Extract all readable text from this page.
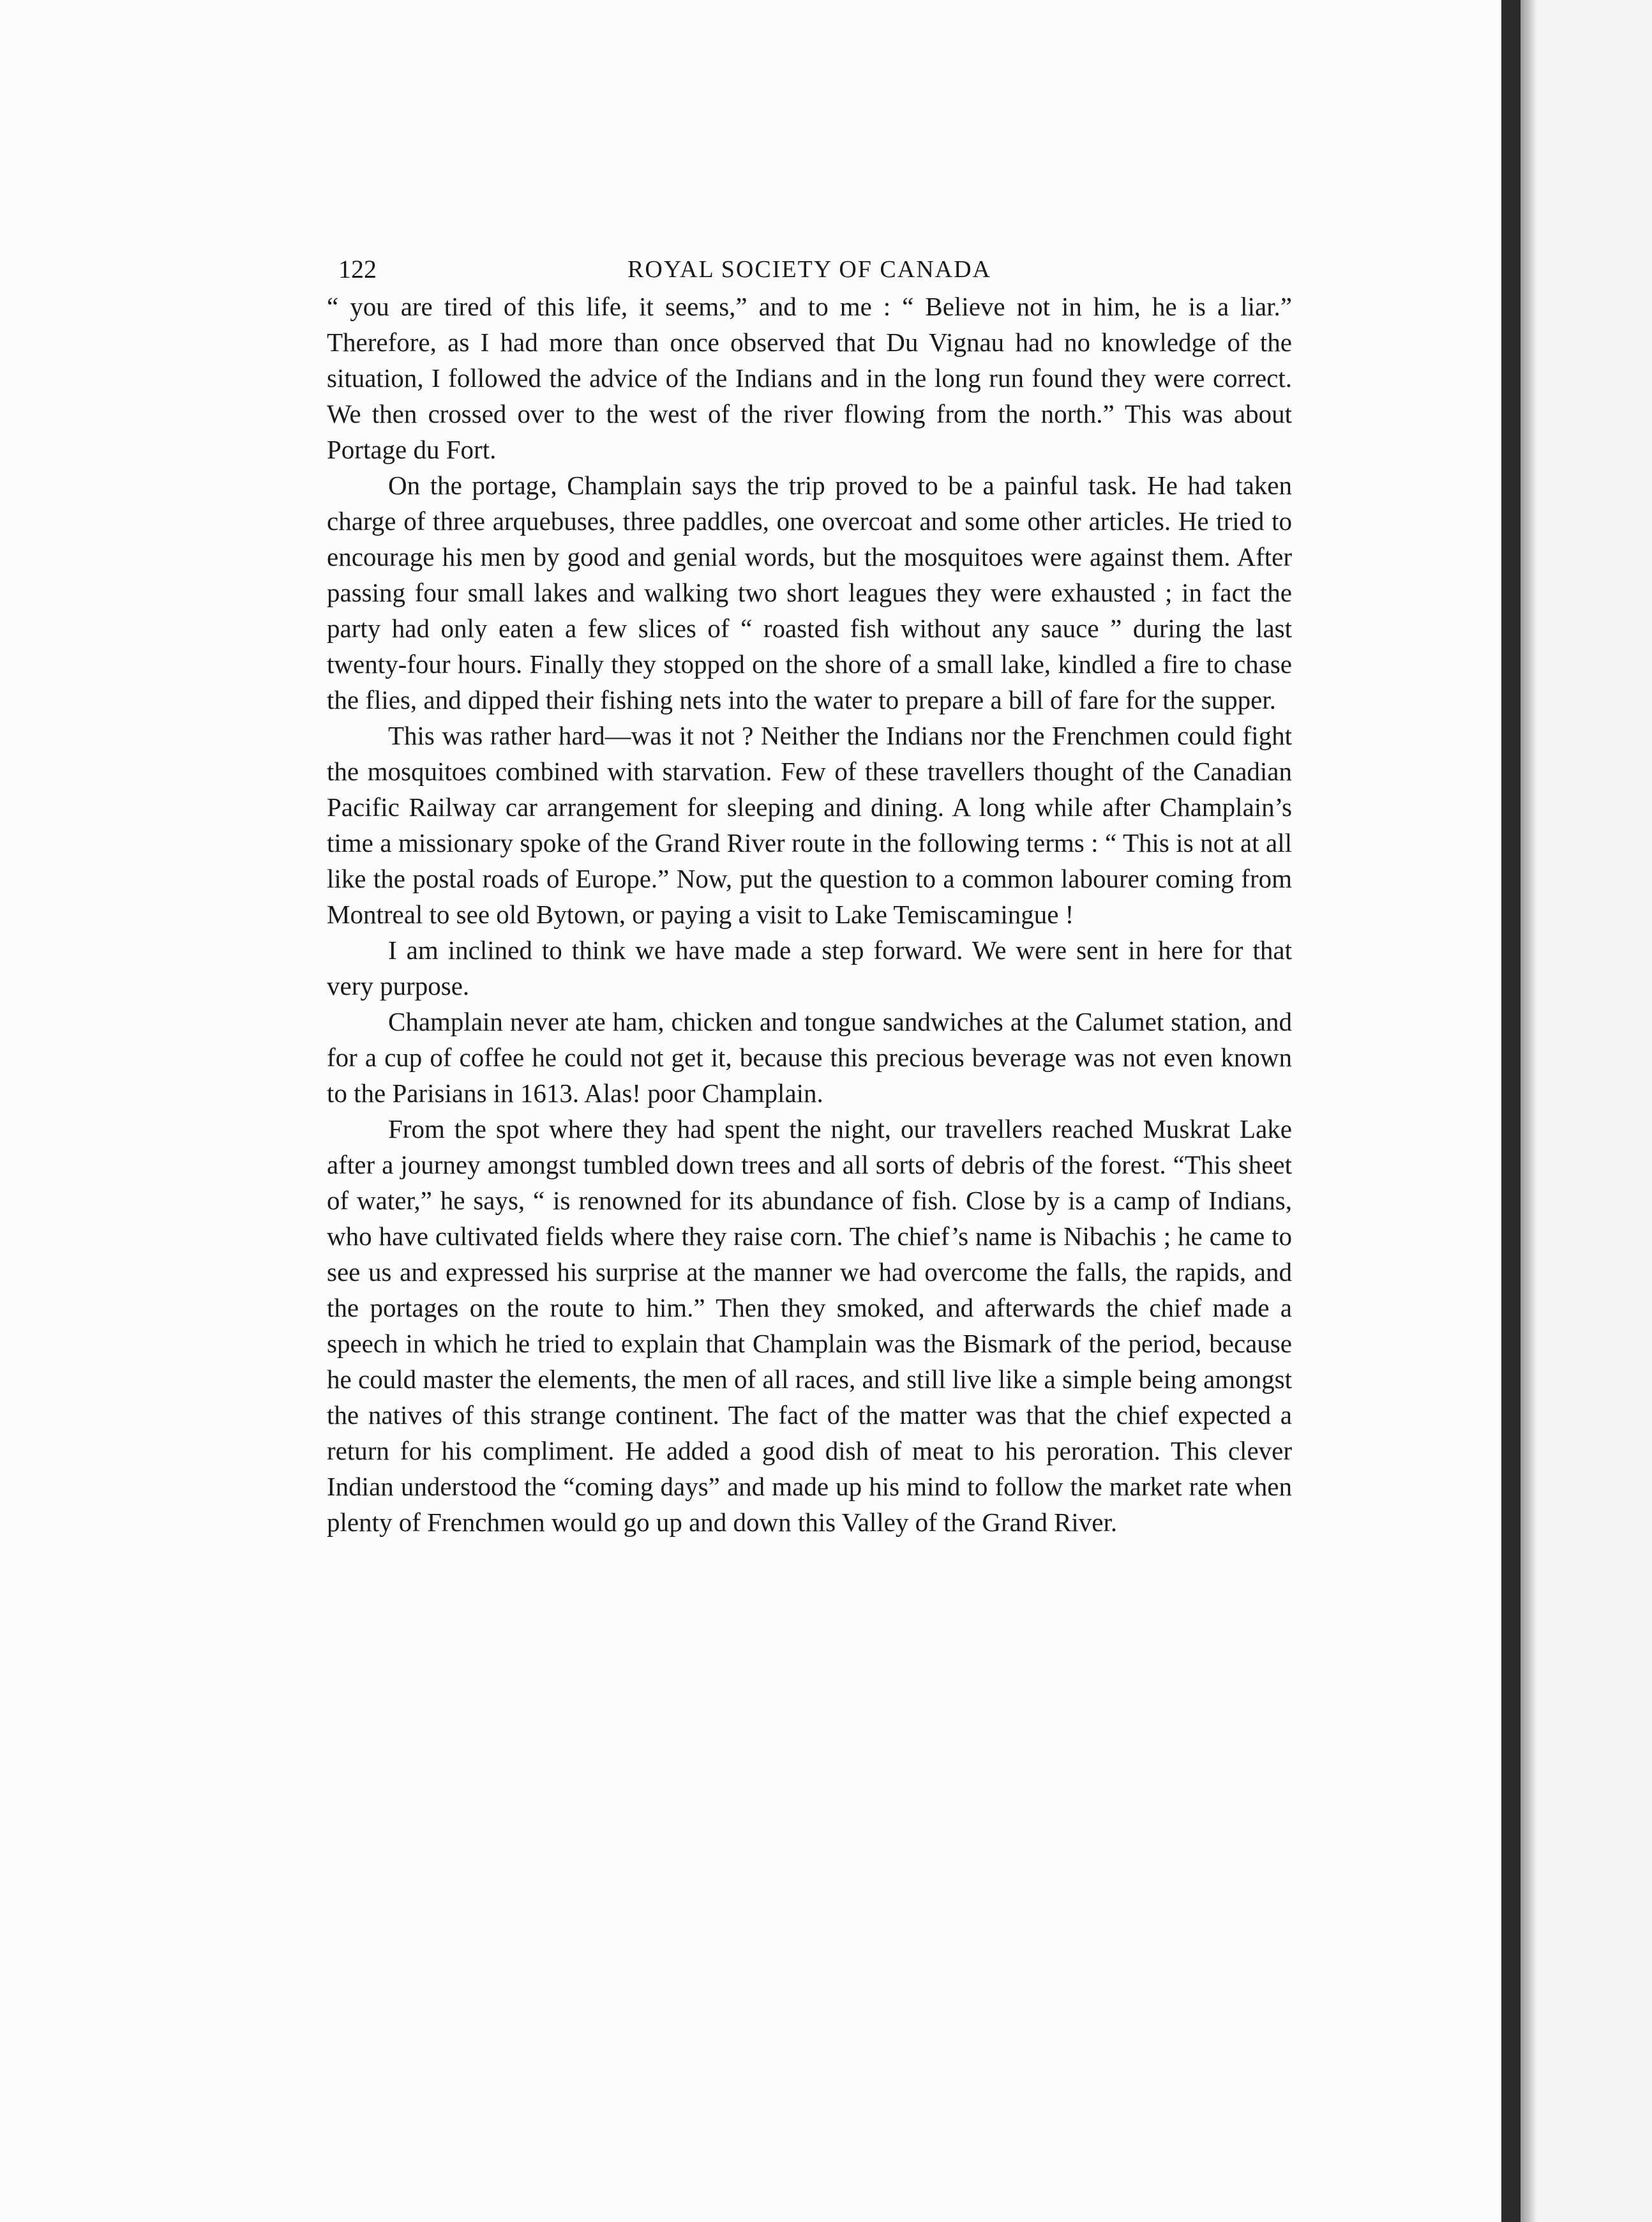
122	ROYAL SOCIETY OF CANADA

“ you are tired of this life, it seems,” and to me : “ Believe not in him, he is a liar.” Therefore, as I had more than once observed that Du Vignau had no knowledge of the situation, I followed the advice of the Indians and in the long run found they were correct. We then crossed over to the west of the river flowing from the north.” This was about Portage du Fort.

On the portage, Champlain says the trip proved to be a painful task. He had taken charge of three arquebuses, three paddles, one overcoat and some other articles. He tried to encourage his men by good and genial words, but the mosquitoes were against them. After passing four small lakes and walking two short leagues they were exhausted ; in fact the party had only eaten a few slices of “ roasted fish without any sauce ” during the last twenty-four hours. Finally they stopped on the shore of a small lake, kindled a fire to chase the flies, and dipped their fishing nets into the water to prepare a bill of fare for the supper.

This was rather hard—was it not ? Neither the Indians nor the Frenchmen could fight the mosquitoes combined with starvation. Few of these travellers thought of the Canadian Pacific Railway car arrangement for sleeping and dining. A long while after Champlain’s time a missionary spoke of the Grand River route in the following terms : “ This is not at all like the postal roads of Europe.” Now, put the question to a common labourer coming from Montreal to see old Bytown, or paying a visit to Lake Temiscamingue !

I am inclined to think we have made a step forward. We were sent in here for that very purpose.

Champlain never ate ham, chicken and tongue sandwiches at the Calumet station, and for a cup of coffee he could not get it, because this precious beverage was not even known to the Parisians in 1613. Alas! poor Champlain.

From the spot where they had spent the night, our travellers reached Muskrat Lake after a journey amongst tumbled down trees and all sorts of debris of the forest. “This sheet of water,” he says, “ is renowned for its abundance of fish. Close by is a camp of Indians, who have cultivated fields where they raise corn. The chief’s name is Nibachis ; he came to see us and expressed his surprise at the manner we had overcome the falls, the rapids, and the portages on the route to him.” Then they smoked, and afterwards the chief made a speech in which he tried to explain that Champlain was the Bismark of the period, because he could master the elements, the men of all races, and still live like a simple being amongst the natives of this strange continent. The fact of the matter was that the chief expected a return for his compliment. He added a good dish of meat to his peroration. This clever Indian understood the “coming days” and made up his mind to follow the market rate when plenty of Frenchmen would go up and down this Valley of the Grand River.
